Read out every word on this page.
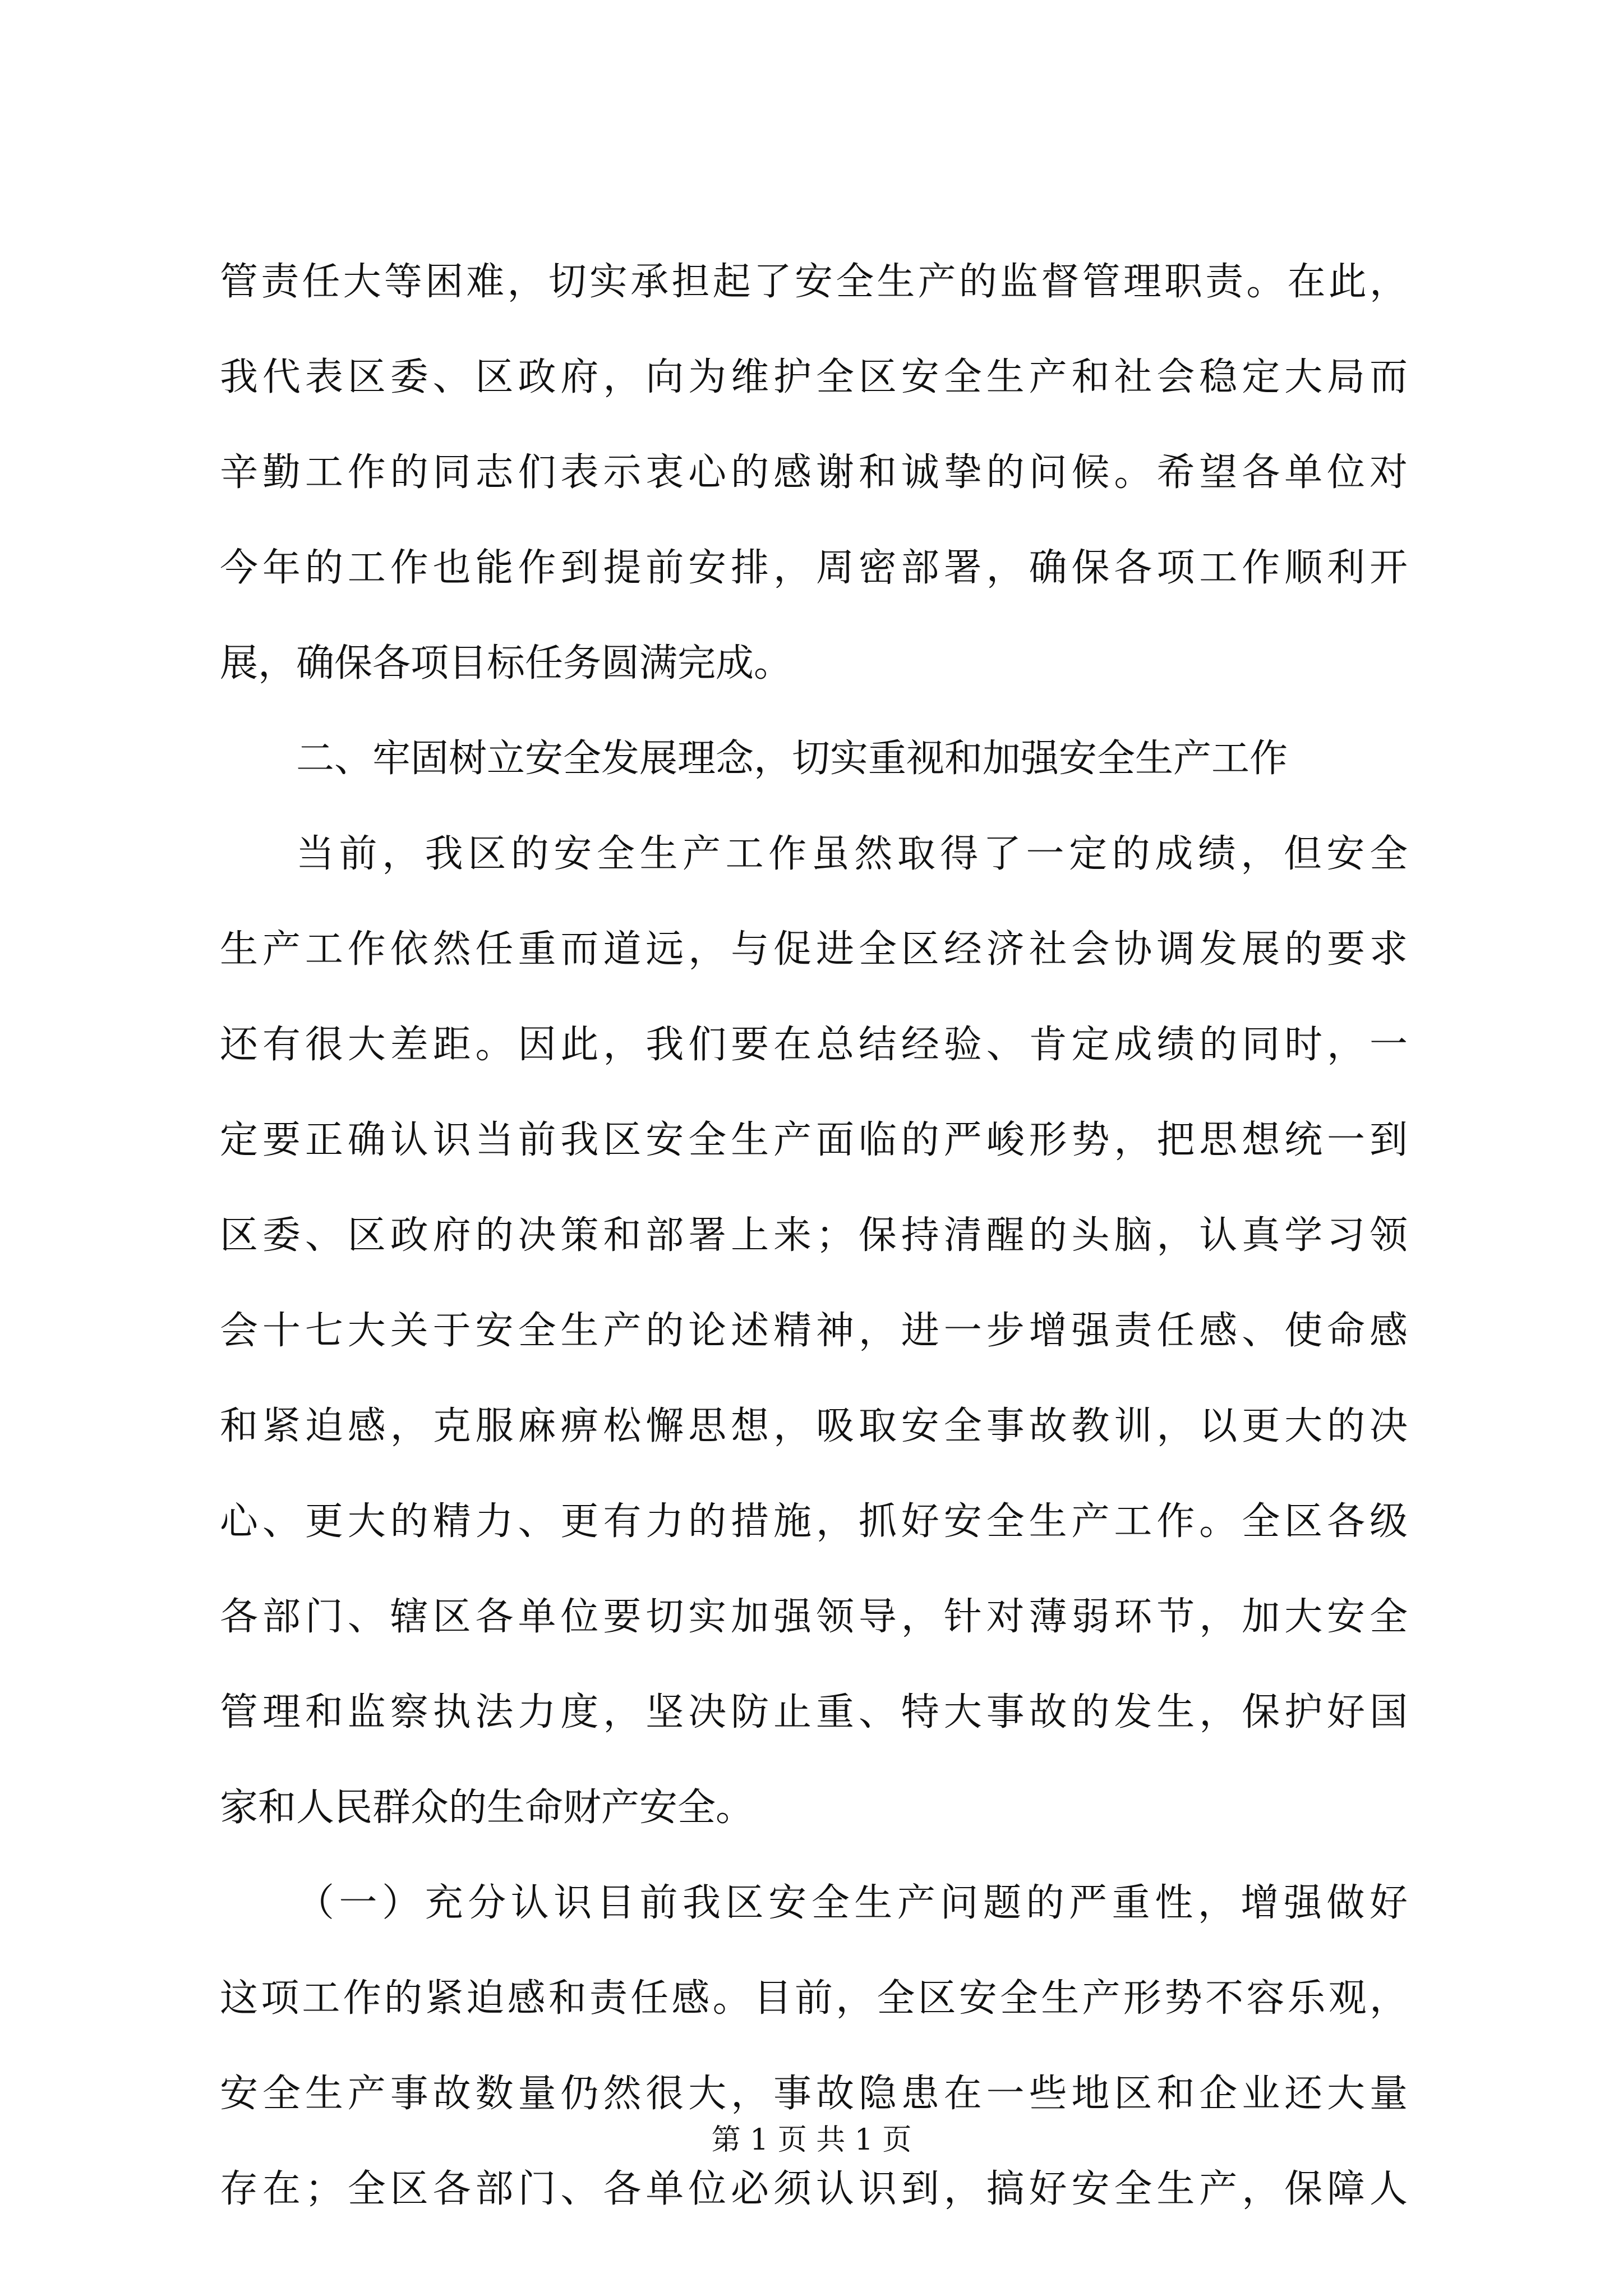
管责任大等困难，切实承担起了安全生产的监督管理职责。在此，
我代表区委、区政府，向为维护全区安全生产和社会稳定大局而
辛勤工作的同志们表示衷心的感谢和诚挚的问候。希望各单位对
今年的工作也能作到提前安排，周密部署，确保各项工作顺利开
展，确保各项目标任务圆满完成。
二、牢固树立安全发展理念，切实重视和加强安全生产工作
当前，我区的安全生产工作虽然取得了一定的成绩，但安全
生产工作依然任重而道远，与促进全区经济社会协调发展的要求
还有很大差距。因此，我们要在总结经验、肯定成绩的同时，一
定要正确认识当前我区安全生产面临的严峻形势，把思想统一到
区委、区政府的决策和部署上来；保持清醒的头脑，认真学习领
会十七大关于安全生产的论述精神，进一步增强责任感、使命感
和紧迫感，克服麻痹松懈思想，吸取安全事故教训，以更大的决
心、更大的精力、更有力的措施，抓好安全生产工作。全区各级
各部门、辖区各单位要切实加强领导，针对薄弱环节，加大安全
管理和监察执法力度，坚决防止重、特大事故的发生，保护好国
家和人民群众的生命财产安全。
（一）充分认识目前我区安全生产问题的严重性，增强做好
这项工作的紧迫感和责任感。目前，全区安全生产形势不容乐观，
安全生产事故数量仍然很大，事故隐患在一些地区和企业还大量
存在；全区各部门、各单位必须认识到，搞好安全生产，保障人
第 1 页 共 1 页
